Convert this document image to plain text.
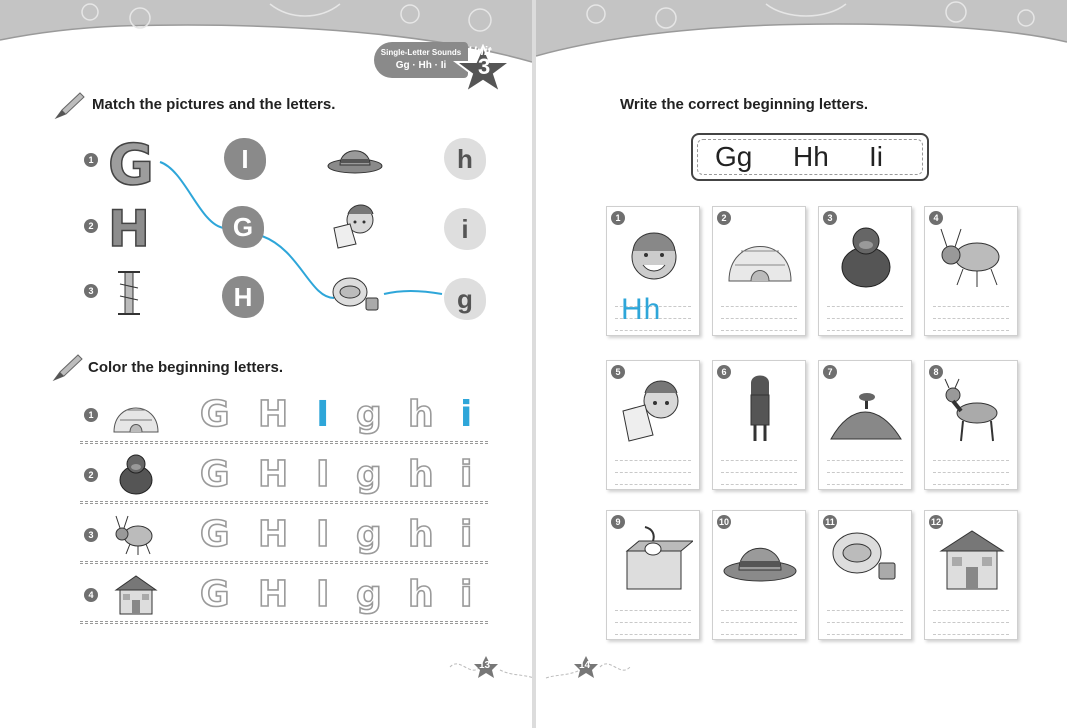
Single-Letter Sounds
Gg · Hh · Ii
Unit
3
Match the pictures and the letters.
1 G	I	h
2 H	G	i
3	H	g
Color the beginning letters.
1	G H I g h i
2	G H I g h i
3	G H I g h i
4	G H I g h i
13
Write the correct beginning letters.
Gg Hh Ii
1
Hh
2	3	4
5	6	7	8
9	10	11	12
14
